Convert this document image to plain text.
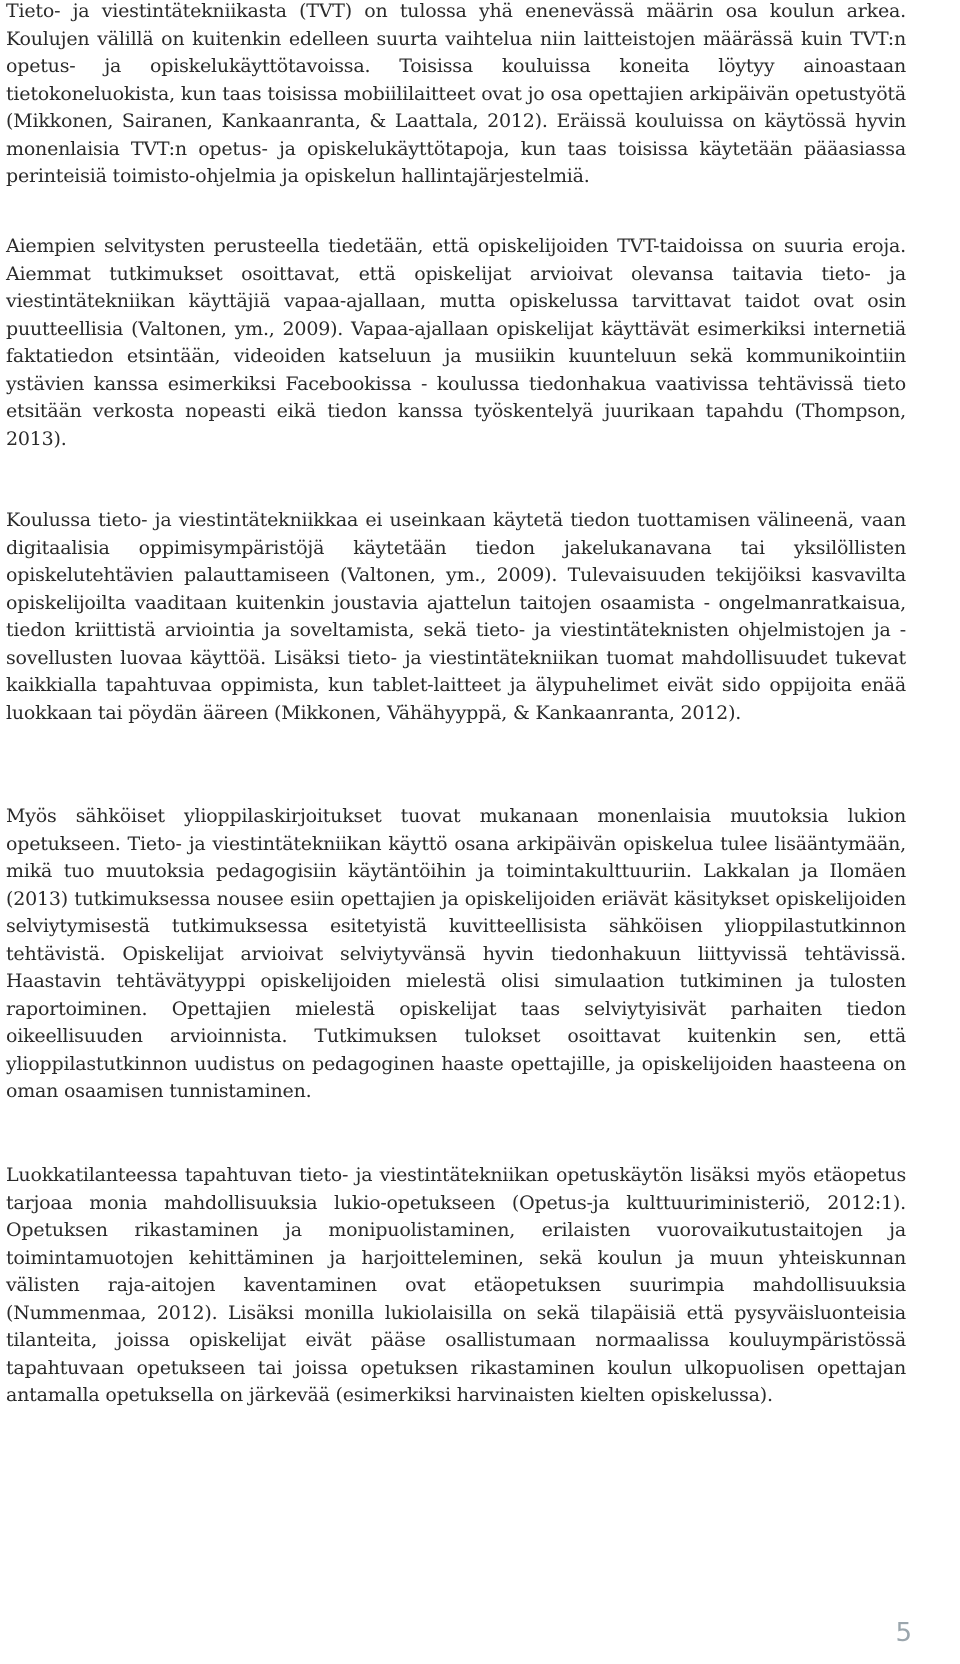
Tieto- ja viestintätekniikasta (TVT) on tulossa yhä enenevässä määrin osa koulun arkea. Koulujen välillä on kuitenkin edelleen suurta vaihtelua niin laitteistojen määrässä kuin TVT:n opetus- ja opiskelukäyttötavoissa. Toisissa kouluissa koneita löytyy ainoastaan tietokoneluokista, kun taas toisissa mobiililaitteet ovat jo osa opettajien arkipäivän opetustyötä (Mikkonen, Sairanen, Kankaanranta, & Laattala, 2012). Eräissä kouluissa on käytössä hyvin monenlaisia TVT:n opetus- ja opiskelukäyttötapoja, kun taas toisissa käytetään pääasiassa perinteisiä toimisto-ohjelmia ja opiskelun hallintajärjestelmiä.

Aiempien selvitysten perusteella tiedetään, että opiskelijoiden TVT-taidoissa on suuria eroja. Aiemmat tutkimukset osoittavat, että opiskelijat arvioivat olevansa taitavia tieto- ja viestintätekniikan käyttäjiä vapaa-ajallaan, mutta opiskelussa tarvittavat taidot ovat osin puutteellisia (Valtonen, ym., 2009). Vapaa-ajallaan opiskelijat käyttävät esimerkiksi internetiä faktatiedon etsintään, videoiden katseluun ja musiikin kuunteluun sekä kommunikointiin ystävien kanssa esimerkiksi Facebookissa - koulussa tiedonhakua vaativissa tehtävissä tieto etsitään verkosta nopeasti eikä tiedon kanssa työskentelyä juurikaan tapahdu (Thompson, 2013).

Koulussa tieto- ja viestintätekniikkaa ei useinkaan käytetä tiedon tuottamisen välineenä, vaan digitaalisia oppimisympäristöjä käytetään tiedon jakelukanavana tai yksilöllisten opiskelutehtävien palauttamiseen (Valtonen, ym., 2009). Tulevaisuuden tekijöiksi kasvavilta opiskelijoilta vaaditaan kuitenkin joustavia ajattelun taitojen osaamista - ongelmanratkaisua, tiedon kriittistä arviointia ja soveltamista, sekä tieto- ja viestintäteknisten ohjelmistojen ja -sovellusten luovaa käyttöä. Lisäksi tieto- ja viestintätekniikan tuomat mahdollisuudet tukevat kaikkialla tapahtuvaa oppimista, kun tablet-laitteet ja älypuhelimet eivät sido oppijoita enää luokkaan tai pöydän ääreen (Mikkonen, Vähähyyppä, & Kankaanranta, 2012).

Myös sähköiset ylioppilaskirjoitukset tuovat mukanaan monenlaisia muutoksia lukion opetukseen. Tieto- ja viestintätekniikan käyttö osana arkipäivän opiskelua tulee lisääntymään, mikä tuo muutoksia pedagogisiin käytäntöihin ja toimintakulttuuriin. Lakkalan ja Ilomäen (2013) tutkimuksessa nousee esiin opettajien ja opiskelijoiden eriävät käsitykset opiskelijoiden selviytymisestä tutkimuksessa esitetyistä kuvitteellisista sähköisen ylioppilastutkinnon tehtävistä. Opiskelijat arvioivat selviytyvänsä hyvin tiedonhakuun liittyvissä tehtävissä. Haastavin tehtävätyyppi opiskelijoiden mielestä olisi simulaation tutkiminen ja tulosten raportoiminen. Opettajien mielestä opiskelijat taas selviytyisivät parhaiten tiedon oikeellisuuden arvioinnista. Tutkimuksen tulokset osoittavat kuitenkin sen, että ylioppilastutkinnon uudistus on pedagoginen haaste opettajille, ja opiskelijoiden haasteena on oman osaamisen tunnistaminen.

Luokkatilanteessa tapahtuvan tieto- ja viestintätekniikan opetuskäytön lisäksi myös etäopetus tarjoaa monia mahdollisuuksia lukio-opetukseen (Opetus-ja kulttuuriministeriö, 2012:1). Opetuksen rikastaminen ja monipuolistaminen, erilaisten vuorovaikutustaitojen ja toimintamuotojen kehittäminen ja harjoitteleminen, sekä koulun ja muun yhteiskunnan välisten raja-aitojen kaventaminen ovat etäopetuksen suurimpia mahdollisuuksia (Nummenmaa, 2012). Lisäksi monilla lukiolaisilla on sekä tilapäisiä että pysyväisluonteisia tilanteita, joissa opiskelijat eivät pääse osallistumaan normaalissa kouluympäristössä tapahtuvaan opetukseen tai joissa opetuksen rikastaminen koulun ulkopuolisen opettajan antamalla opetuksella on järkevää (esimerkiksi harvinaisten kielten opiskelussa).

5
